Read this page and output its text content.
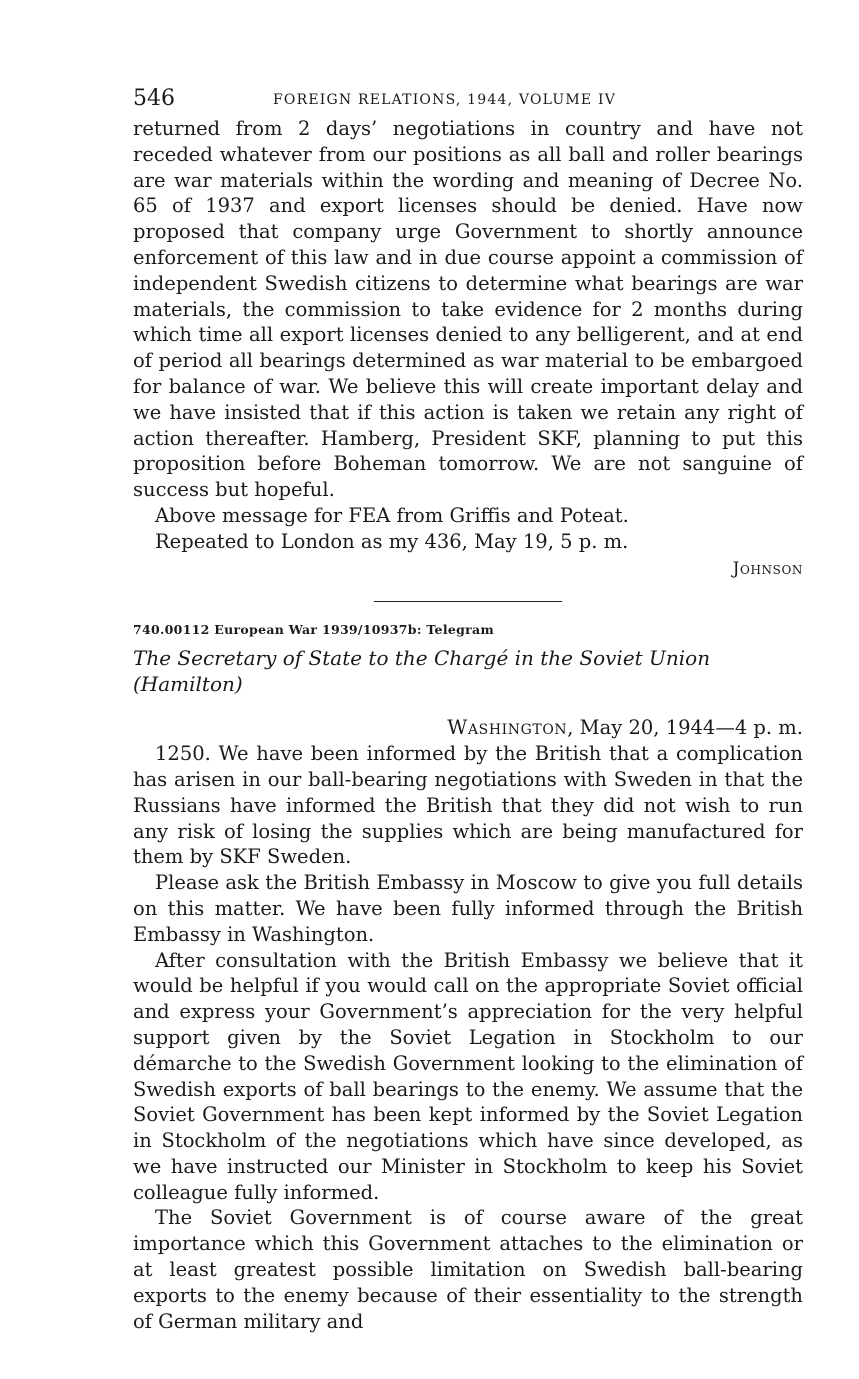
546	FOREIGN RELATIONS, 1944, VOLUME IV

returned from 2 days’ negotiations in country and have not receded whatever from our positions as all ball and roller bearings are war materials within the wording and meaning of Decree No. 65 of 1937 and export licenses should be denied. Have now proposed that company urge Government to shortly announce enforcement of this law and in due course appoint a commission of independent Swedish citizens to determine what bearings are war materials, the commission to take evidence for 2 months during which time all export licenses denied to any belligerent, and at end of period all bearings determined as war material to be embargoed for balance of war. We believe this will create important delay and we have insisted that if this action is taken we retain any right of action thereafter. Hamberg, President SKF, planning to put this proposition before Boheman tomorrow. We are not sanguine of success but hopeful.

Above message for FEA from Griffis and Poteat.

Repeated to London as my 436, May 19, 5 p. m.

Johnson

740.00112 European War 1939/10937b: Telegram
The Secretary of State to the Chargé in the Soviet Union (Hamilton)
Washington, May 20, 1944—4 p. m.

1250. We have been informed by the British that a complication has arisen in our ball-bearing negotiations with Sweden in that the Russians have informed the British that they did not wish to run any risk of losing the supplies which are being manufactured for them by SKF Sweden.

Please ask the British Embassy in Moscow to give you full details on this matter. We have been fully informed through the British Embassy in Washington.

After consultation with the British Embassy we believe that it would be helpful if you would call on the appropriate Soviet official and express your Government’s appreciation for the very helpful support given by the Soviet Legation in Stockholm to our démarche to the Swedish Government looking to the elimination of Swedish exports of ball bearings to the enemy. We assume that the Soviet Government has been kept informed by the Soviet Legation in Stockholm of the negotiations which have since developed, as we have instructed our Minister in Stockholm to keep his Soviet colleague fully informed.

The Soviet Government is of course aware of the great importance which this Government attaches to the elimination or at least greatest possible limitation on Swedish ball-bearing exports to the enemy because of their essentiality to the strength of German military and
